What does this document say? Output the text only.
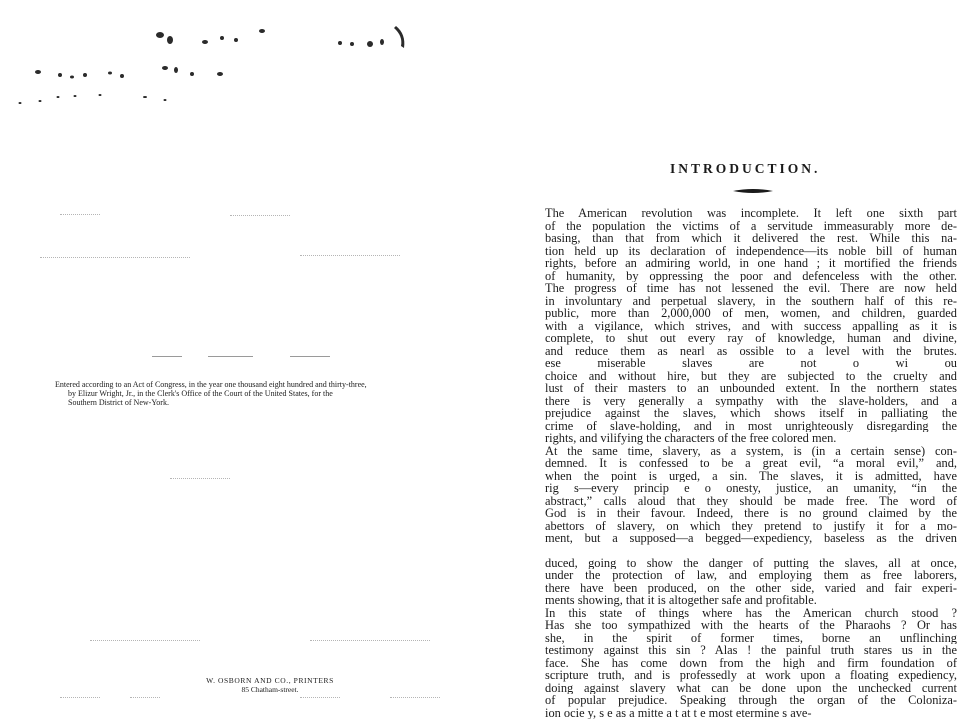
Entered according to an Act of Congress, in the year one thousand eight hundred and thirty-three,

by Elizur Wright, Jr., in the Clerk's Office of the Court of the United States, for the

Southern District of New-York.

W. OSBORN AND CO., PRINTERS
85 Chatham-street.
INTRODUCTION.
The American revolution was incomplete. It left one sixth part
of the population the victims of a servitude immeasurably more de-
basing, than that from which it delivered the rest. While this na-
tion held up its declaration of independence—its noble bill of human
rights, before an admiring world, in one hand ; it mortified the friends
of humanity, by oppressing the poor and defenceless with the other.
The progress of time has not lessened the evil. There are now held
in involuntary and perpetual slavery, in the southern half of this re-
public, more than 2,000,000 of men, women, and children, guarded
with a vigilance, which strives, and with success appalling as it is
complete, to shut out every ray of knowledge, human and divine,
and reduce them as nearl as ossible to a level with the brutes.
ese miserable slaves are not o wi ou
choice and without hire, but they are subjected to the cruelty and
lust of their masters to an unbounded extent. In the northern states
there is very generally a sympathy with the slave-holders, and a
prejudice against the slaves, which shows itself in palliating the
crime of slave-holding, and in most unrighteously disregarding the
rights, and vilifying the characters of the free colored men.
At the same time, slavery, as a system, is (in a certain sense) con-
demned. It is confessed to be a great evil, “a moral evil,” and,
when the point is urged, a sin. The slaves, it is admitted, have
rig s—every princip e o onesty, justice, an umanity, “in the
abstract,” calls aloud that they should be made free. The word of
God is in their favour. Indeed, there is no ground claimed by the
abettors of slavery, on which they pretend to justify it for a mo-
ment, but a supposed—a begged—expediency, baseless as the driven
duced, going to show the danger of putting the slaves, all at once,
under the protection of law, and employing them as free laborers,
there have been produced, on the other side, varied and fair experi-
ments showing, that it is altogether safe and profitable.
In this state of things where has the American church stood ?
Has she too sympathized with the hearts of the Pharaohs ? Or has
she, in the spirit of former times, borne an unflinching
testimony against this sin ? Alas ! the painful truth stares us in the
face. She has come down from the high and firm foundation of
scripture truth, and is professedly at work upon a floating expediency,
doing against slavery what can be done upon the unchecked current
of popular prejudice. Speaking through the organ of the Coloniza-
ion ocie y, s e as a mitte a t at t e most etermine s ave-
